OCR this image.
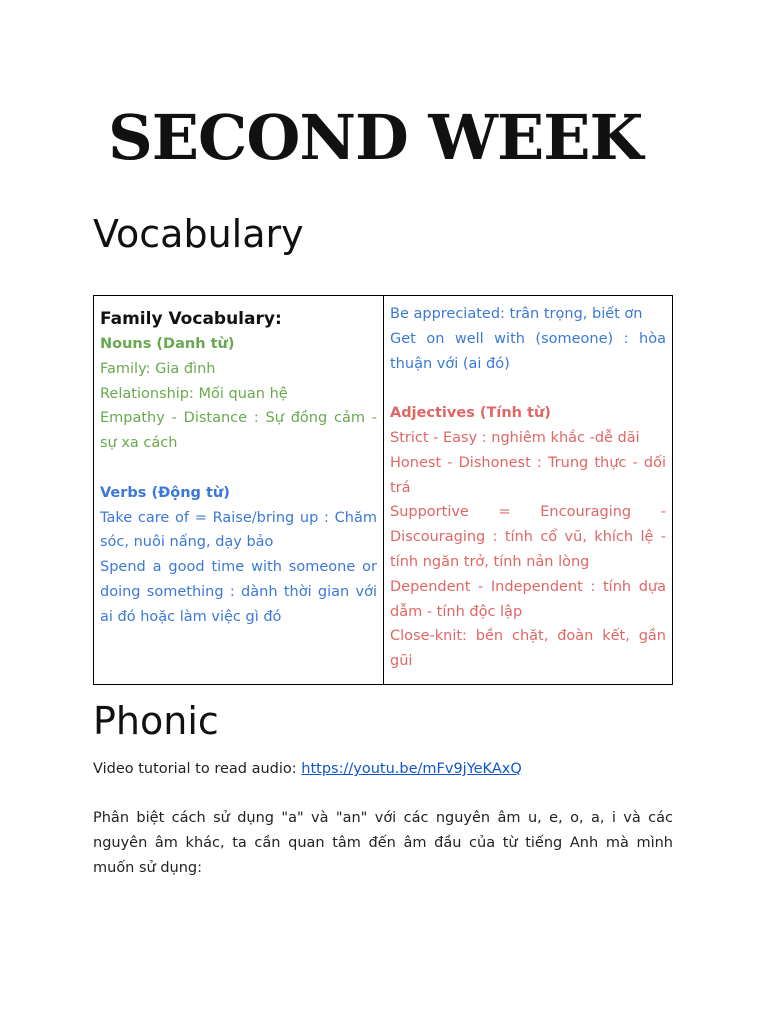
SECOND WEEK
Vocabulary
Family Vocabulary:
Nouns (Danh từ)
Family: Gia đình
Relationship: Mối quan hệ
Empathy - Distance : Sự đồng cảm - sự xa cách
Verbs (Động từ)
Take care of = Raise/bring up : Chăm sóc, nuôi nấng, dạy bảo
Spend a good time with someone or doing something : dành thời gian với ai đó hoặc làm việc gì đó

Be appreciated: trân trọng, biết ơn
Get on well with (someone) : hòa thuận với (ai đó)
Adjectives (Tính từ)
Strict - Easy : nghiêm khắc -dễ dãi
Honest - Dishonest : Trung thực - dối trá
Supportive = Encouraging - Discouraging : tính cổ vũ, khích lệ - tính ngăn trở, tính nản lòng
Dependent - Independent : tính dựa dẫm - tính độc lập
Close-knit: bền chặt, đoàn kết, gần gũi
Phonic

Video tutorial to read audio: https://youtu.be/mFv9jYeKAxQ

Phân biệt cách sử dụng "a" và "an" với các nguyên âm u, e, o, a, i và các nguyên âm khác, ta cần quan tâm đến âm đầu của từ tiếng Anh mà mình muốn sử dụng:
